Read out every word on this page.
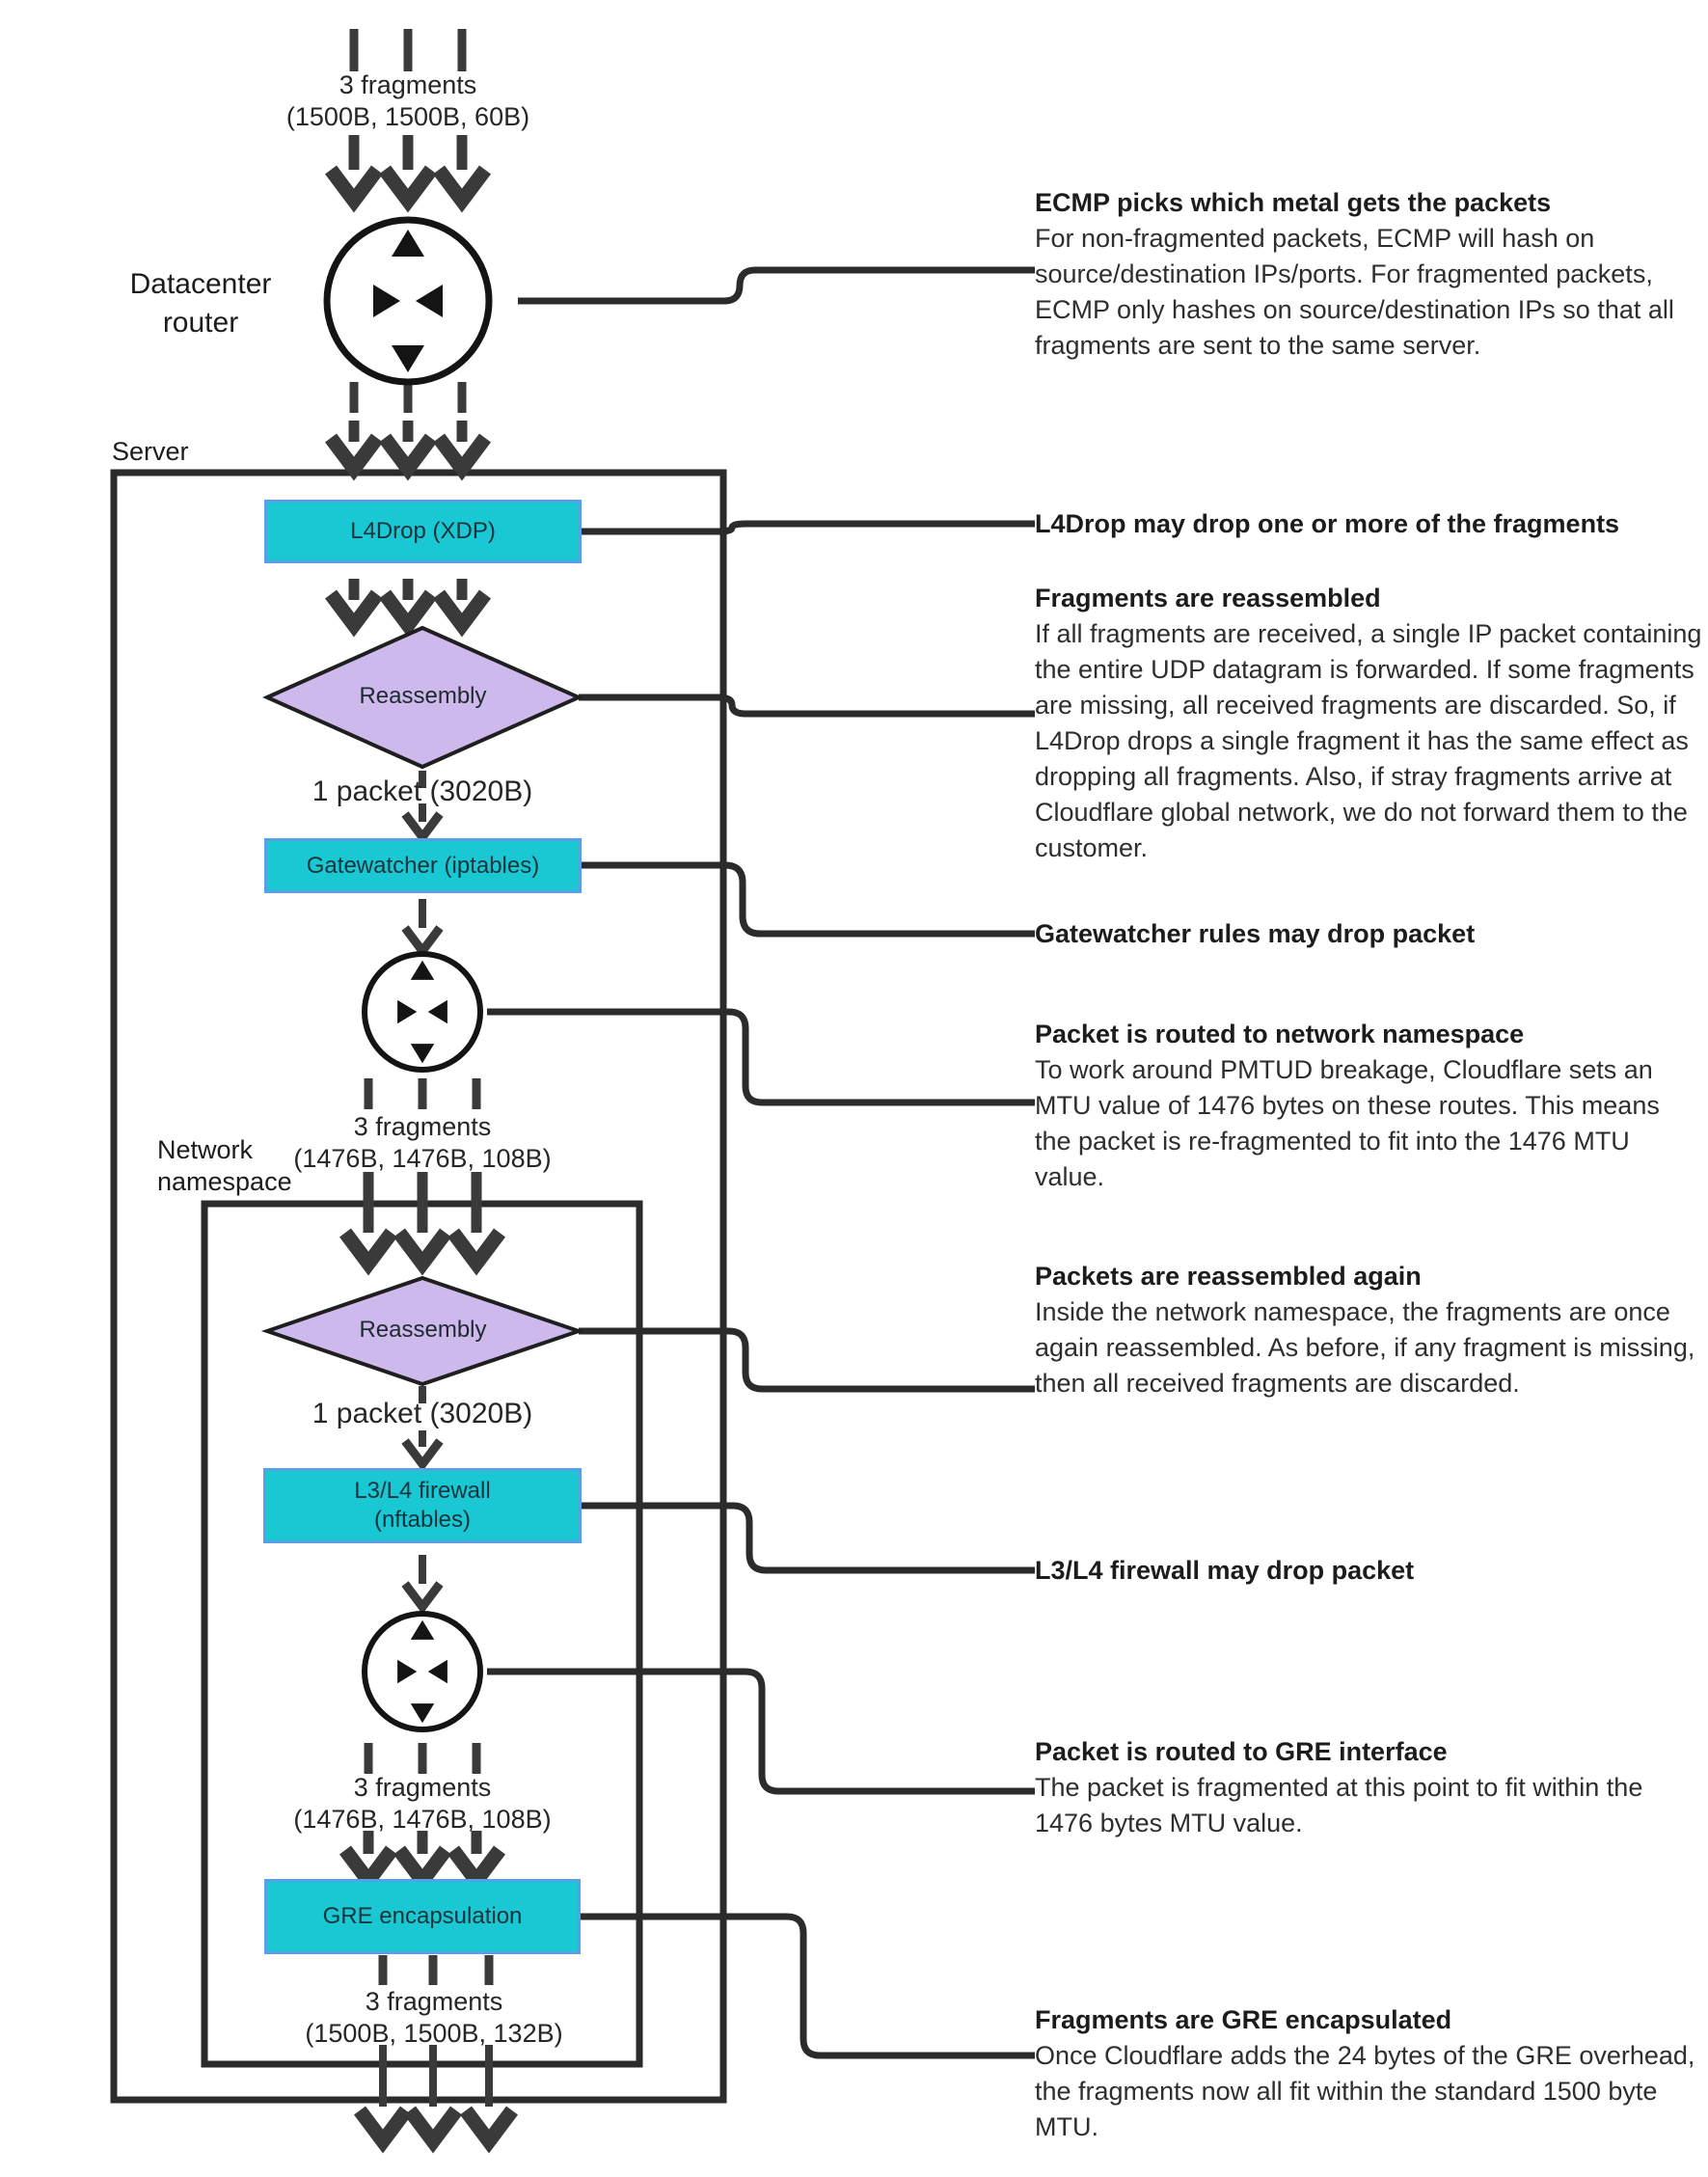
3 fragments
(1500B, 1500B, 60B)
Datacenter router
Server
L4Drop (XDP)
Reassembly
1 packet (3020B)
Gatewatcher (iptables)
3 fragments
(1476B, 1476B, 108B)
Network namespace
Reassembly
1 packet (3020B)
L3/L4 firewall
(nftables)
3 fragments
(1476B, 1476B, 108B)
GRE encapsulation
3 fragments
(1500B, 1500B, 132B)
ECMP picks which metal gets the packets

For non-fragmented packets, ECMP will hash on source/destination IPs/ports. For fragmented packets, ECMP only hashes on source/destination IPs so that all fragments are sent to the same server.

L4Drop may drop one or more of the fragments
Fragments are reassembled

If all fragments are received, a single IP packet containing the entire UDP datagram is forwarded. If some fragments are missing, all received fragments are discarded. So, if L4Drop drops a single fragment it has the same effect as dropping all fragments. Also, if stray fragments arrive at Cloudflare global network, we do not forward them to the customer.

Gatewatcher rules may drop packet
Packet is routed to network namespace

To work around PMTUD breakage, Cloudflare sets an MTU value of 1476 bytes on these routes. This means the packet is re-fragmented to fit into the 1476 MTU value.

Packets are reassembled again

Inside the network namespace, the fragments are once again reassembled. As before, if any fragment is missing, then all received fragments are discarded.

L3/L4 firewall may drop packet
Packet is routed to GRE interface

The packet is fragmented at this point to fit within the 1476 bytes MTU value.

Fragments are GRE encapsulated

Once Cloudflare adds the 24 bytes of the GRE overhead, the fragments now all fit within the standard 1500 byte MTU.
